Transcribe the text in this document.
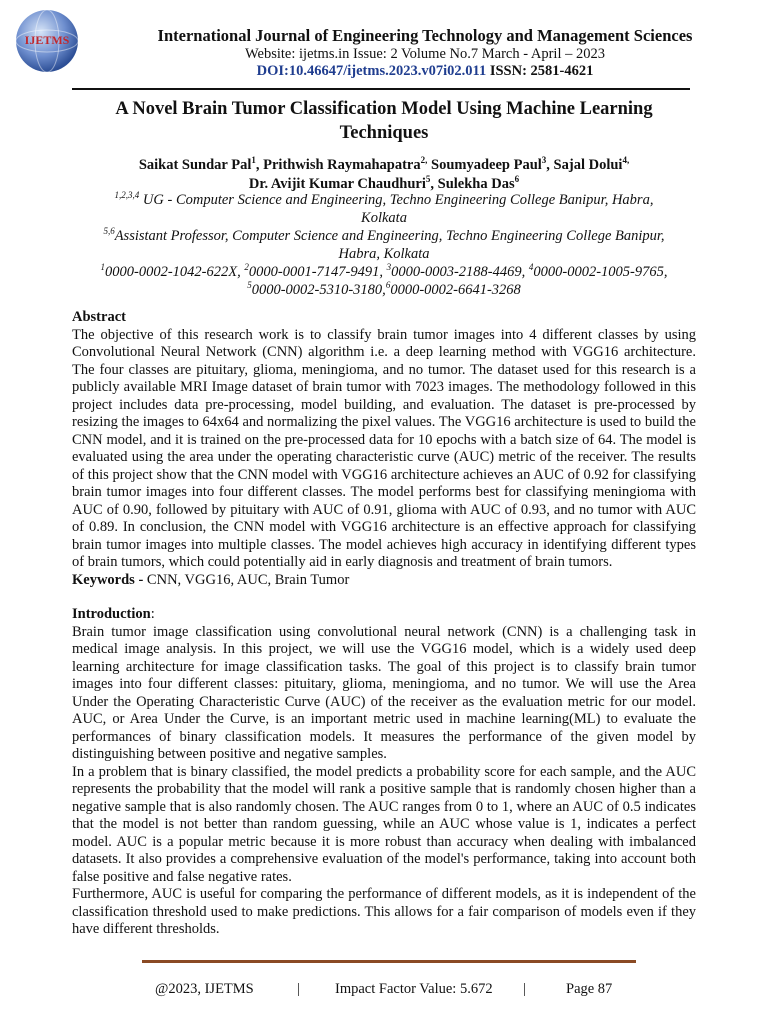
IJETMS	International Journal of Engineering Technology and Management Sciences
Website: ijetms.in Issue: 2 Volume No.7 March - April – 2023
DOI:10.46647/ijetms.2023.v07i02.011 ISSN: 2581-4621
A Novel Brain Tumor Classification Model Using Machine Learning
Techniques
Saikat Sundar Pal$^1$, Prithwish Raymahapatra$^{2,}$ Soumyadeep Paul$^3$, Sajal Dolui$^{4,}$
Dr. Avijit Kumar Chaudhuri$^5$, Sulekha Das$^6$
$^{1,2,3,4}$ UG - Computer Science and Engineering, Techno Engineering College Banipur, Habra,
Kolkata
$^{5,6}$Assistant Professor, Computer Science and Engineering, Techno Engineering College Banipur,
Habra, Kolkata
$^1$0000-0002-1042-622X, $^2$0000-0001-7147-9491, $^3$0000-0003-2188-4469, $^4$0000-0002-1005-9765,
$^5$0000-0002-5310-3180,$^6$0000-0002-6641-3268

Abstract

The objective of this research work is to classify brain tumor images into 4 different classes by using Convolutional Neural Network (CNN) algorithm i.e. a deep learning method with VGG16 architecture. The four classes are pituitary, glioma, meningioma, and no tumor. The dataset used for this research is a publicly available MRI Image dataset of brain tumor with 7023 images. The methodology followed in this project includes data pre-processing, model building, and evaluation. The dataset is pre-processed by resizing the images to 64x64 and normalizing the pixel values. The VGG16 architecture is used to build the CNN model, and it is trained on the pre-processed data for 10 epochs with a batch size of 64. The model is evaluated using the area under the operating characteristic curve (AUC) metric of the receiver. The results of this project show that the CNN model with VGG16 architecture achieves an AUC of 0.92 for classifying brain tumor images into four different classes. The model performs best for classifying meningioma with AUC of 0.90, followed by pituitary with AUC of 0.91, glioma with AUC of 0.93, and no tumor with AUC of 0.89. In conclusion, the CNN model with VGG16 architecture is an effective approach for classifying brain tumor images into multiple classes. The model achieves high accuracy in identifying different types of brain tumors, which could potentially aid in early diagnosis and treatment of brain tumors.

Keywords - CNN, VGG16, AUC, Brain Tumor

Introduction:

Brain tumor image classification using convolutional neural network (CNN) is a challenging task in medical image analysis. In this project, we will use the VGG16 model, which is a widely used deep learning architecture for image classification tasks. The goal of this project is to classify brain tumor images into four different classes: pituitary, glioma, meningioma, and no tumor. We will use the Area Under the Operating Characteristic Curve (AUC) of the receiver as the evaluation metric for our model. AUC, or Area Under the Curve, is an important metric used in machine learning(ML) to evaluate the performances of binary classification models. It measures the performance of the given model by distinguishing between positive and negative samples.

In a problem that is binary classified, the model predicts a probability score for each sample, and the AUC represents the probability that the model will rank a positive sample that is randomly chosen higher than a negative sample that is also randomly chosen. The AUC ranges from 0 to 1, where an AUC of 0.5 indicates that the model is not better than random guessing, while an AUC whose value is 1, indicates a perfect model. AUC is a popular metric because it is more robust than accuracy when dealing with imbalanced datasets. It also provides a comprehensive evaluation of the model's performance, taking into account both false positive and false negative rates.

Furthermore, AUC is useful for comparing the performance of different models, as it is independent of the classification threshold used to make predictions. This allows for a fair comparison of models even if they have different thresholds.

@2023, IJETMS	| Impact Factor Value: 5.672 |	Page 87
